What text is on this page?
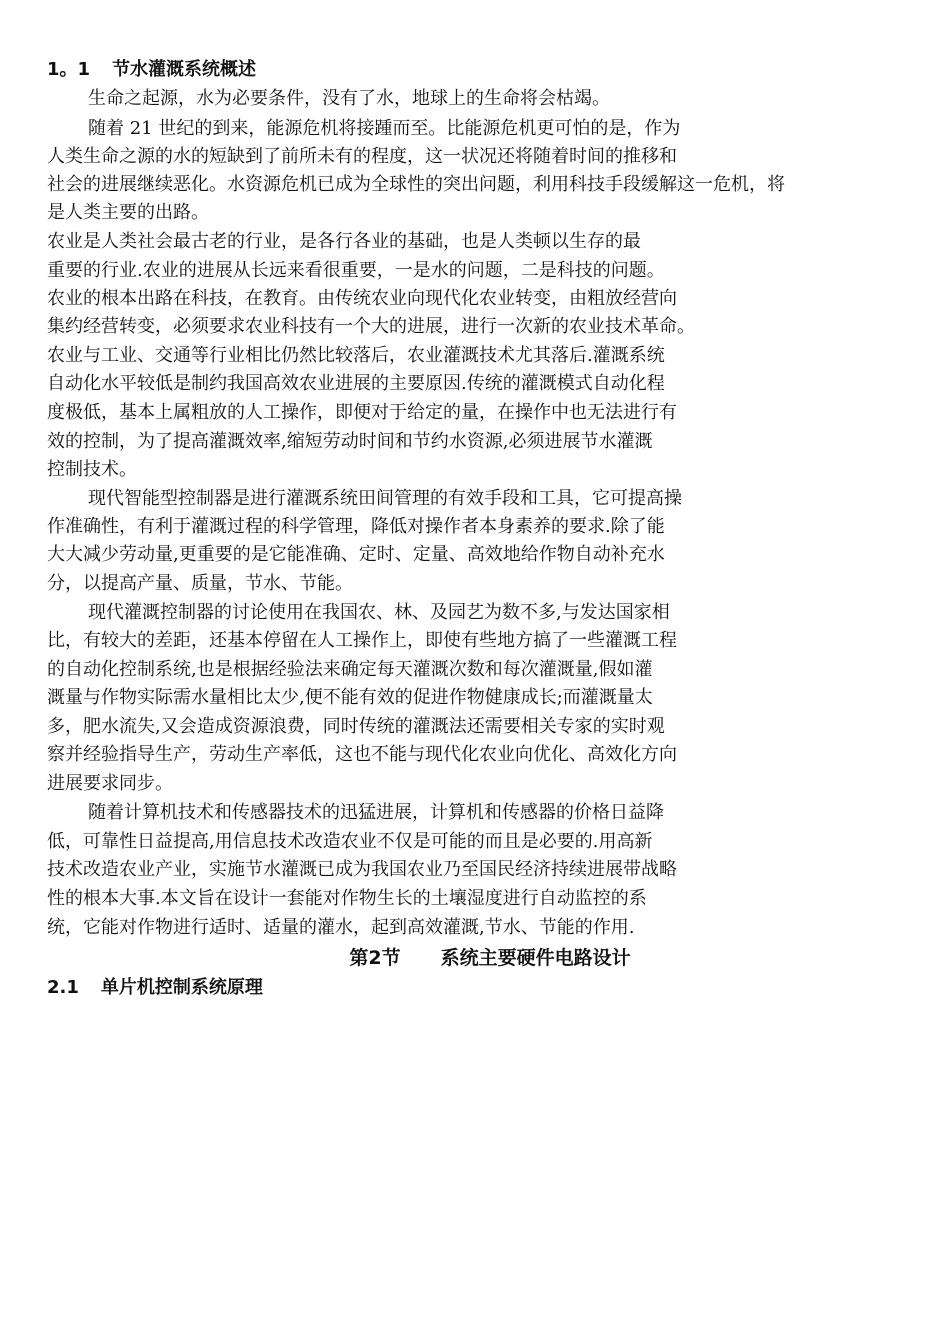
1。1 节水灌溉系统概述
生命之起源，水为必要条件，没有了水，地球上的生命将会枯竭。
随着 21 世纪的到来，能源危机将接踵而至。比能源危机更可怕的是，作为
人类生命之源的水的短缺到了前所未有的程度，这一状况还将随着时间的推移和
社会的进展继续恶化。水资源危机已成为全球性的突出问题，利用科技手段缓解这一危机，将
是人类主要的出路。
农业是人类社会最古老的行业，是各行各业的基础，也是人类顿以生存的最
重要的行业.农业的进展从长远来看很重要，一是水的问题，二是科技的问题。
农业的根本出路在科技，在教育。由传统农业向现代化农业转变，由粗放经营向
集约经营转变，必须要求农业科技有一个大的进展，进行一次新的农业技术革命。
农业与工业、交通等行业相比仍然比较落后，农业灌溉技术尤其落后.灌溉系统
自动化水平较低是制约我国高效农业进展的主要原因.传统的灌溉模式自动化程
度极低，基本上属粗放的人工操作，即便对于给定的量，在操作中也无法进行有
效的控制，为了提高灌溉效率,缩短劳动时间和节约水资源,必须进展节水灌溉
控制技术。
现代智能型控制器是进行灌溉系统田间管理的有效手段和工具，它可提高操
作准确性，有利于灌溉过程的科学管理，降低对操作者本身素养的要求.除了能
大大减少劳动量,更重要的是它能准确、定时、定量、高效地给作物自动补充水
分，以提高产量、质量，节水、节能。
现代灌溉控制器的讨论使用在我国农、林、及园艺为数不多,与发达国家相
比，有较大的差距，还基本停留在人工操作上，即使有些地方搞了一些灌溉工程
的自动化控制系统,也是根据经验法来确定每天灌溉次数和每次灌溉量,假如灌
溉量与作物实际需水量相比太少,便不能有效的促进作物健康成长;而灌溉量太
多，肥水流失,又会造成资源浪费，同时传统的灌溉法还需要相关专家的实时观
察并经验指导生产，劳动生产率低，这也不能与现代化农业向优化、高效化方向
进展要求同步。
随着计算机技术和传感器技术的迅猛进展，计算机和传感器的价格日益降
低，可靠性日益提高,用信息技术改造农业不仅是可能的而且是必要的.用高新
技术改造农业产业，实施节水灌溉已成为我国农业乃至国民经济持续进展带战略
性的根本大事.本文旨在设计一套能对作物生长的土壤湿度进行自动监控的系
统，它能对作物进行适时、适量的灌水，起到高效灌溉,节水、节能的作用.
第2节 系统主要硬件电路设计
2.1 单片机控制系统原理
